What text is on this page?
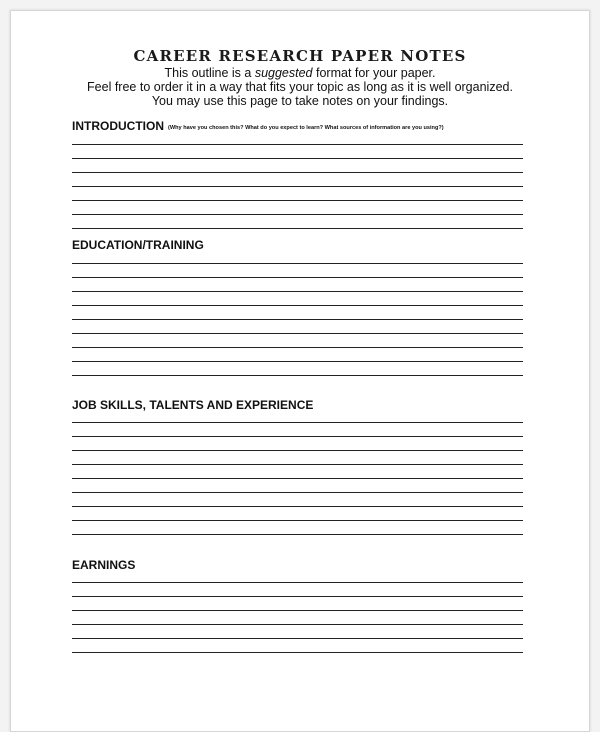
CAREER RESEARCH PAPER NOTES

This outline is a suggested format for your paper.

Feel free to order it in a way that fits your topic as long as it is well organized.

You may use this page to take notes on your findings.

INTRODUCTION (Why have you chosen this? What do you expect to learn? What sources of information are you using?)
EDUCATION/TRAINING
JOB SKILLS, TALENTS AND EXPERIENCE
EARNINGS
